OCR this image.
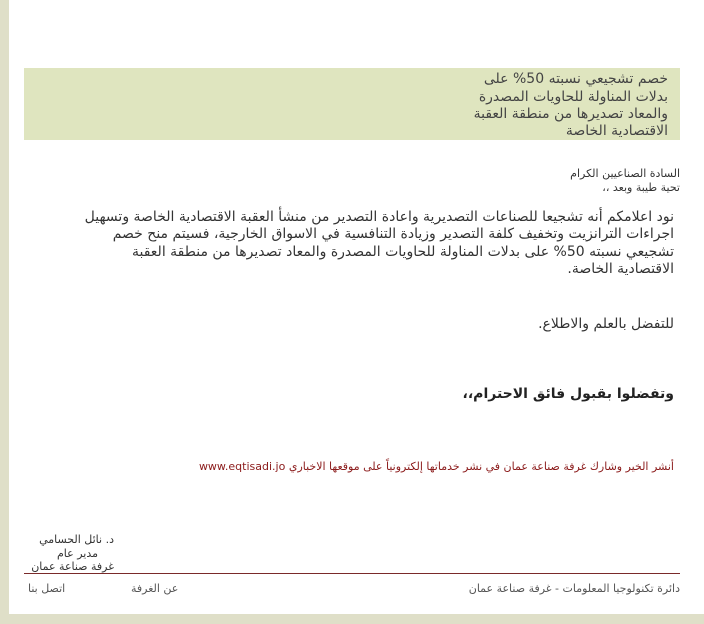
خصم تشجيعي نسبته 50% على
بدلات المناولة للحاويات المصدرة
والمعاد تصديرها من منطقة العقبة
الاقتصادية الخاصة
السادة الصناعيين الكرام
تحية طيبة وبعد ،،
نود اعلامكم أنه تشجيعا للصناعات التصديرية واعادة التصدير من منشأ العقبة الاقتصادية الخاصة وتسهيل
اجراءات الترانزيت وتخفيف كلفة التصدير وزيادة التنافسية في الاسواق الخارجية، فسيتم منح خصم
تشجيعي نسبته 50% على بدلات المناولة للحاويات المصدرة والمعاد تصديرها من منطقة العقبة
الاقتصادية الخاصة.
للتفضل بالعلم والاطلاع.
وتفضلوا بقبول فائق الاحترام،،
أنشر الخير وشارك غرفة صناعة عمان في نشر خدماتها إلكترونياً على موقعها الاخباري www.eqtisadi.jo
د. نائل الحسامي
مدير عام
غرفة صناعة عمان
دائرة تكنولوجيا المعلومات - غرفة صناعة عمان
عن الغرفة
اتصل بنا
